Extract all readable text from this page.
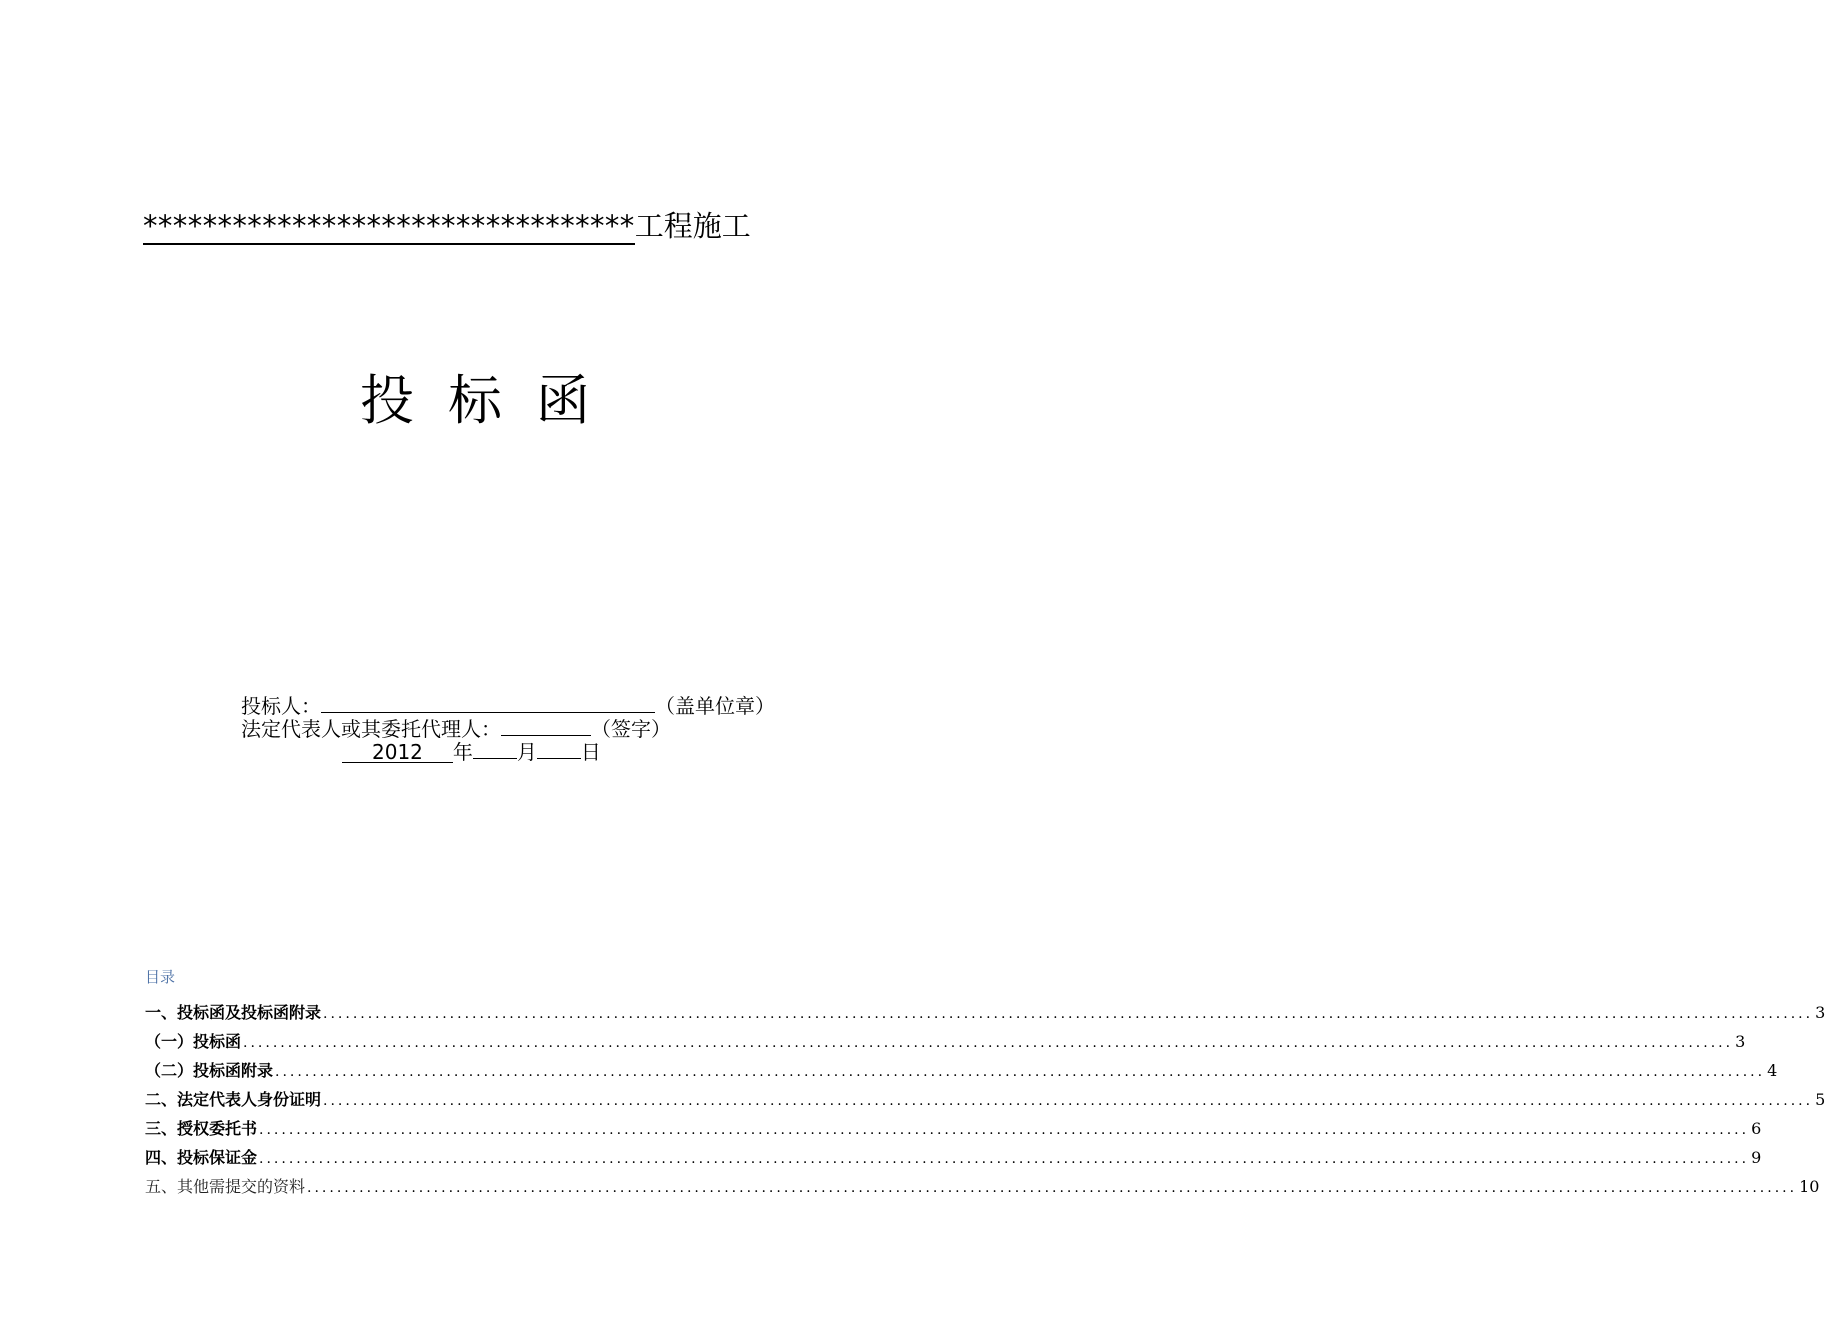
*********************************工程施工
投标函
投标人：	（盖单位章）
法定代表人或其委托代理人：	（签字）
2012 年 月 日
目录
一、投标函及投标函附录 ........................................................................................................................................................................................................ 3
（一）投标函 ........................................................................................................................................................................................................ 3
（二）投标函附录 ........................................................................................................................................................................................................ 4
二、法定代表人身份证明 ........................................................................................................................................................................................................ 5
三、授权委托书 ........................................................................................................................................................................................................ 6
四、投标保证金 ........................................................................................................................................................................................................ 9
五、其他需提交的资料 ........................................................................................................................................................................................................ 10
